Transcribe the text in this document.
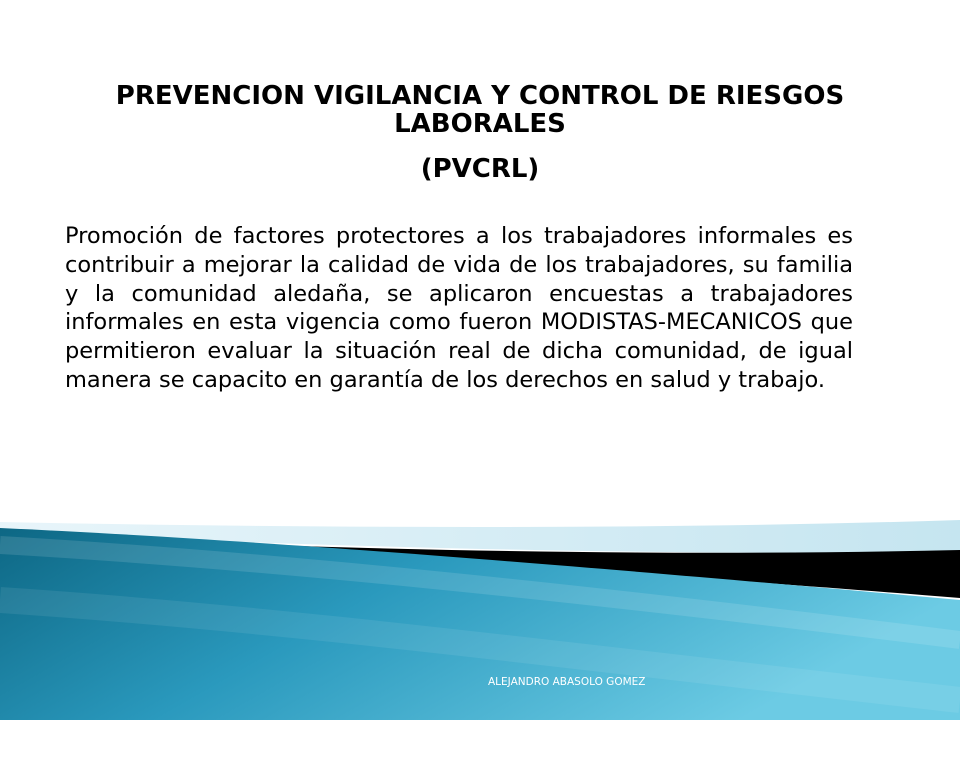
PREVENCION VIGILANCIA Y CONTROL DE RIESGOS LABORALES
(PVCRL)

Promoción de factores protectores a los trabajadores informales es contribuir a mejorar la calidad de vida de los trabajadores, su familia y la comunidad aledaña, se aplicaron encuestas a trabajadores informales en esta vigencia como fueron MODISTAS-MECANICOS que permitieron evaluar la situación real de dicha comunidad, de igual manera se capacito en garantía de los derechos en salud y trabajo.

ALEJANDRO ABASOLO GOMEZ

DIRECTOR  LOCAL DE SALUD (E)
